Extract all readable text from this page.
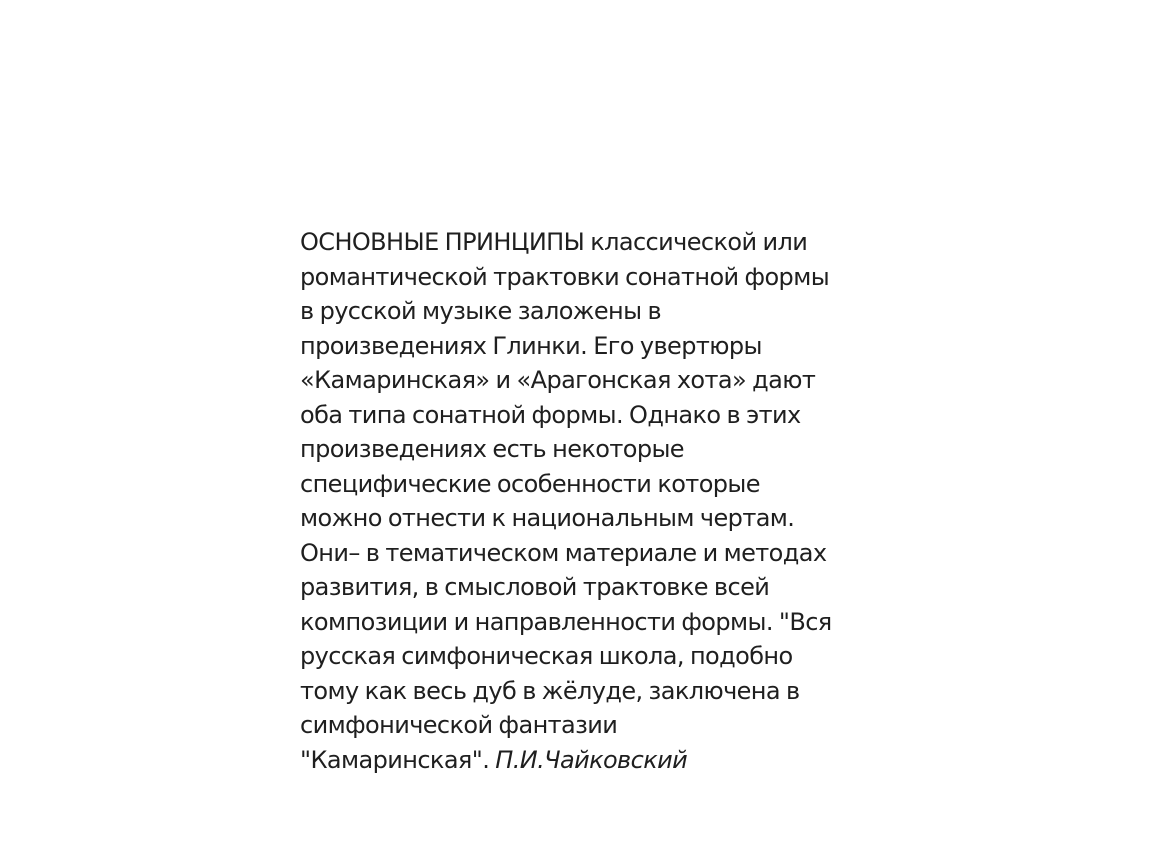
ОСНОВНЫЕ ПРИНЦИПЫ классической или
романтической трактовки сонатной формы
в русской музыке заложены в
произведениях Глинки. Его увертюры
«Камаринская» и «Арагонская хота» дают
оба типа сонатной формы. Однако в этих
произведениях есть некоторые
специфические особенности которые
можно отнести к национальным чертам.
Они– в тематическом материале и методах
развития, в смысловой трактовке всей
композиции и направленности формы. "Вся
русская симфоническая школа, подобно
тому как весь дуб в жёлуде, заключена в
симфонической фантазии
"Камаринская". П.И.Чайковский
